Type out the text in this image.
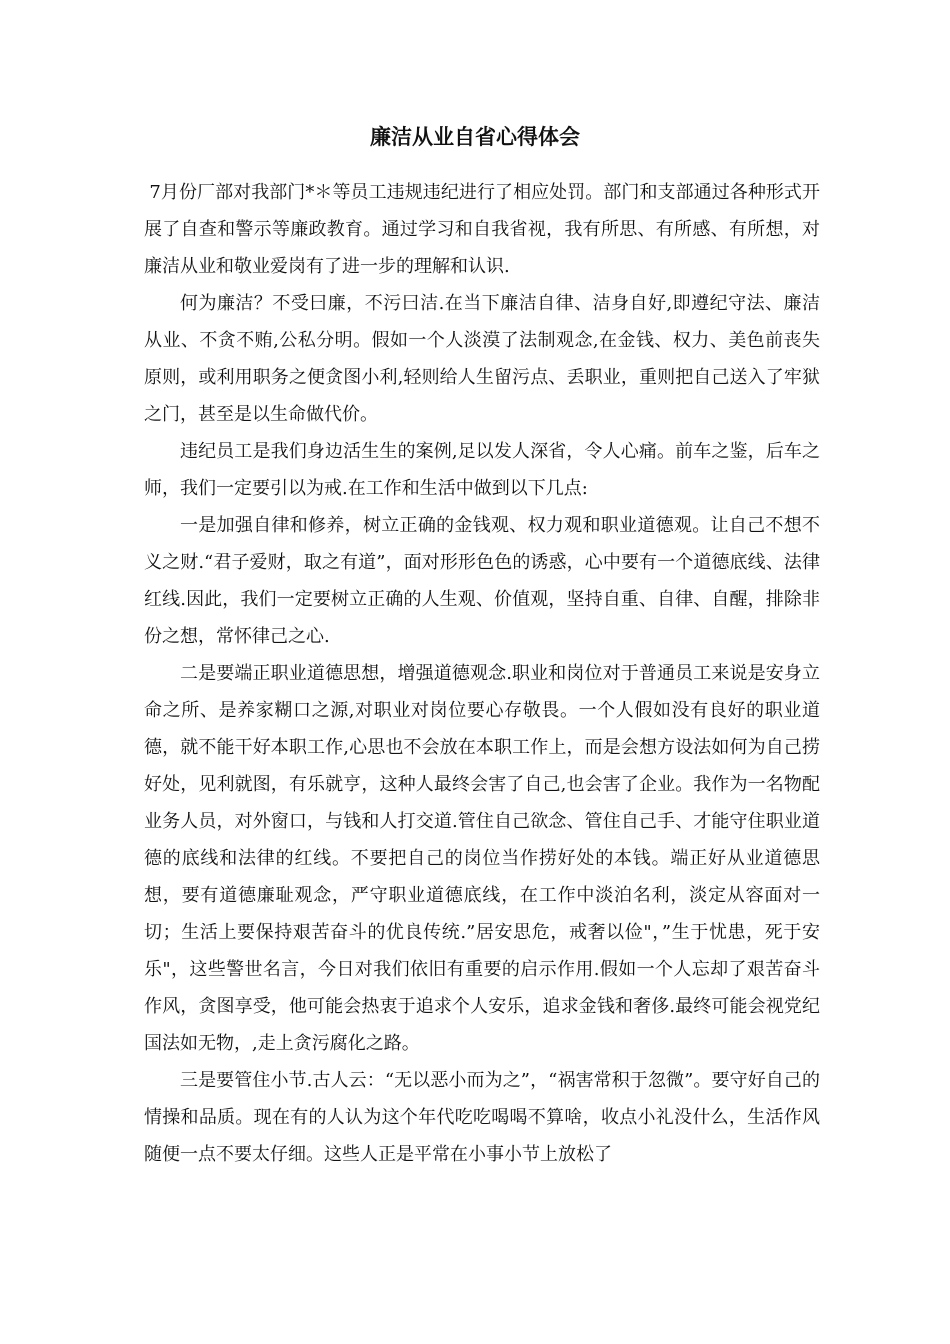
廉洁从业自省心得体会

7月份厂部对我部门*＊等员工违规违纪进行了相应处罚。部门和支部通过各种形式开展了自查和警示等廉政教育。通过学习和自我省视，我有所思、有所感、有所想，对廉洁从业和敬业爱岗有了进一步的理解和认识.

何为廉洁？不受曰廉，不污曰洁.在当下廉洁自律、洁身自好,即遵纪守法、廉洁从业、不贪不贿,公私分明。假如一个人淡漠了法制观念,在金钱、权力、美色前丧失原则，或利用职务之便贪图小利,轻则给人生留污点、丢职业，重则把自己送入了牢狱之门，甚至是以生命做代价。

违纪员工是我们身边活生生的案例,足以发人深省，令人心痛。前车之鉴，后车之师，我们一定要引以为戒.在工作和生活中做到以下几点:

一是加强自律和修养，树立正确的金钱观、权力观和职业道德观。让自己不想不义之财.“君子爱财，取之有道”，面对形形色色的诱惑，心中要有一个道德底线、法律红线.因此，我们一定要树立正确的人生观、价值观，坚持自重、自律、自醒，排除非份之想，常怀律己之心.

二是要端正职业道德思想，增强道德观念.职业和岗位对于普通员工来说是安身立命之所、是养家糊口之源,对职业对岗位要心存敬畏。一个人假如没有良好的职业道德，就不能干好本职工作,心思也不会放在本职工作上，而是会想方设法如何为自己捞好处，见利就图，有乐就亨，这种人最终会害了自己,也会害了企业。我作为一名物配业务人员，对外窗口，与钱和人打交道.管住自己欲念、管住自己手、才能守住职业道德的底线和法律的红线。不要把自己的岗位当作捞好处的本钱。端正好从业道德思想，要有道德廉耻观念，严守职业道德底线，在工作中淡泊名利，淡定从容面对一切；生活上要保持艰苦奋斗的优良传统.”居安思危，戒奢以俭"，”生于忧患，死于安乐"，这些警世名言，今日对我们依旧有重要的启示作用.假如一个人忘却了艰苦奋斗作风，贪图享受，他可能会热衷于追求个人安乐，追求金钱和奢侈.最终可能会视党纪国法如无物，,走上贪污腐化之路。

三是要管住小节.古人云：“无以恶小而为之”，“祸害常积于忽微”。要守好自己的情操和品质。现在有的人认为这个年代吃吃喝喝不算啥，收点小礼没什么，生活作风随便一点不要太仔细。这些人正是平常在小事小节上放松了
